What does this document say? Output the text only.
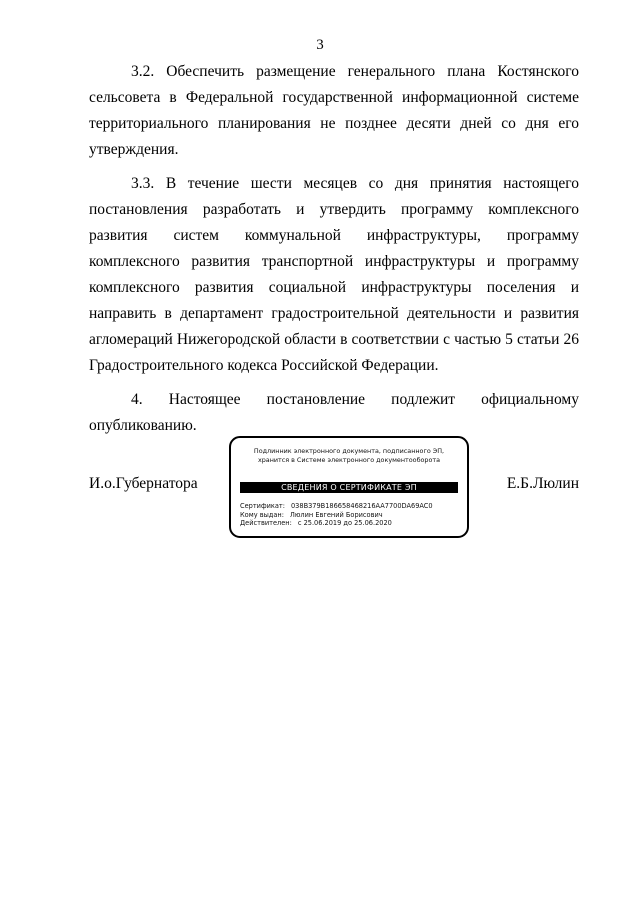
3

3.2. Обеспечить размещение генерального плана Костянского сельсовета в Федеральной государственной информационной системе территориального планирования не позднее десяти дней со дня его утверждения.

3.3. В течение шести месяцев со дня принятия настоящего постановления разработать и утвердить программу комплексного развития систем коммунальной инфраструктуры, программу комплексного развития транспортной инфраструктуры и программу комплексного развития социальной инфраструктуры поселения и направить в департамент градостроительной деятельности и развития агломераций Нижегородской области в соответствии с частью 5 статьи 26 Градостроительного кодекса Российской Федерации.

4. Настоящее постановление подлежит официальному опубликованию.

И.о.Губернатора	Е.Б.Люлин
Подлинник электронного документа, подписанного ЭП,
хранится в Системе электронного документооборота
СВЕДЕНИЯ О СЕРТИФИКАТЕ ЭП
Сертификат: 038B379B186658468216AA7700DA69AC0
Кому выдан: Люлин Евгений Борисович
Действителен: с 25.06.2019 до 25.06.2020
